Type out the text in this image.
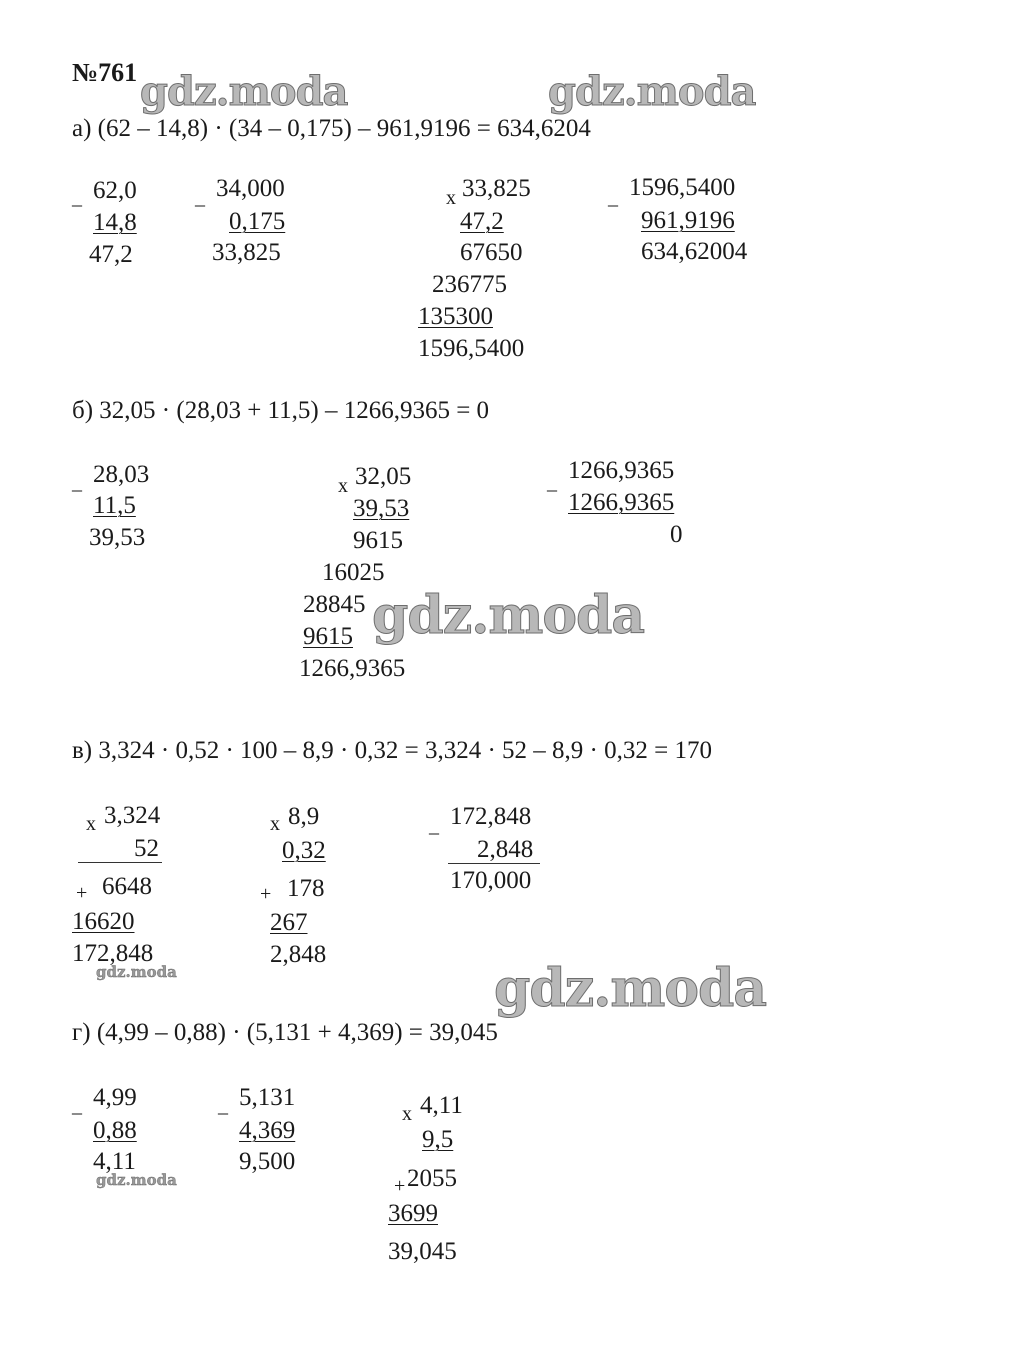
№761 gdz.moda	gdz.moda
gdz.moda
gdz.moda
gdz.moda
gdz.moda
а) (62 – 14,8) · (34 – 0,175) – 961,9196 = 634,6204
_ 62,0
14,8
47,2
_ 34,000
0,175
33,825
x 33,825
47,2
67650
236775
135300
1596,5400
_ 1596,5400
961,9196
634,62004
б) 32,05 · (28,03 + 11,5) – 1266,9365 = 0
_ 28,03
11,5
39,53
x 32,05
39,53
9615
16025
28845
9615
1266,9365
_ 1266,9365
1266,9365
0
в) 3,324 · 0,52 · 100 – 8,9 · 0,32 = 3,324 · 52 – 8,9 · 0,32 = 170
x 3,324
52
+ 6648
16620
172,848
x 8,9
0,32
+ 178
267
2,848
_ 172,848
2,848
170,000
г) (4,99 – 0,88) · (5,131 + 4,369) = 39,045
_ 4,99
0,88
4,11
_ 5,131
4,369
9,500
x 4,11
9,5
+ 2055
3699
39,045
